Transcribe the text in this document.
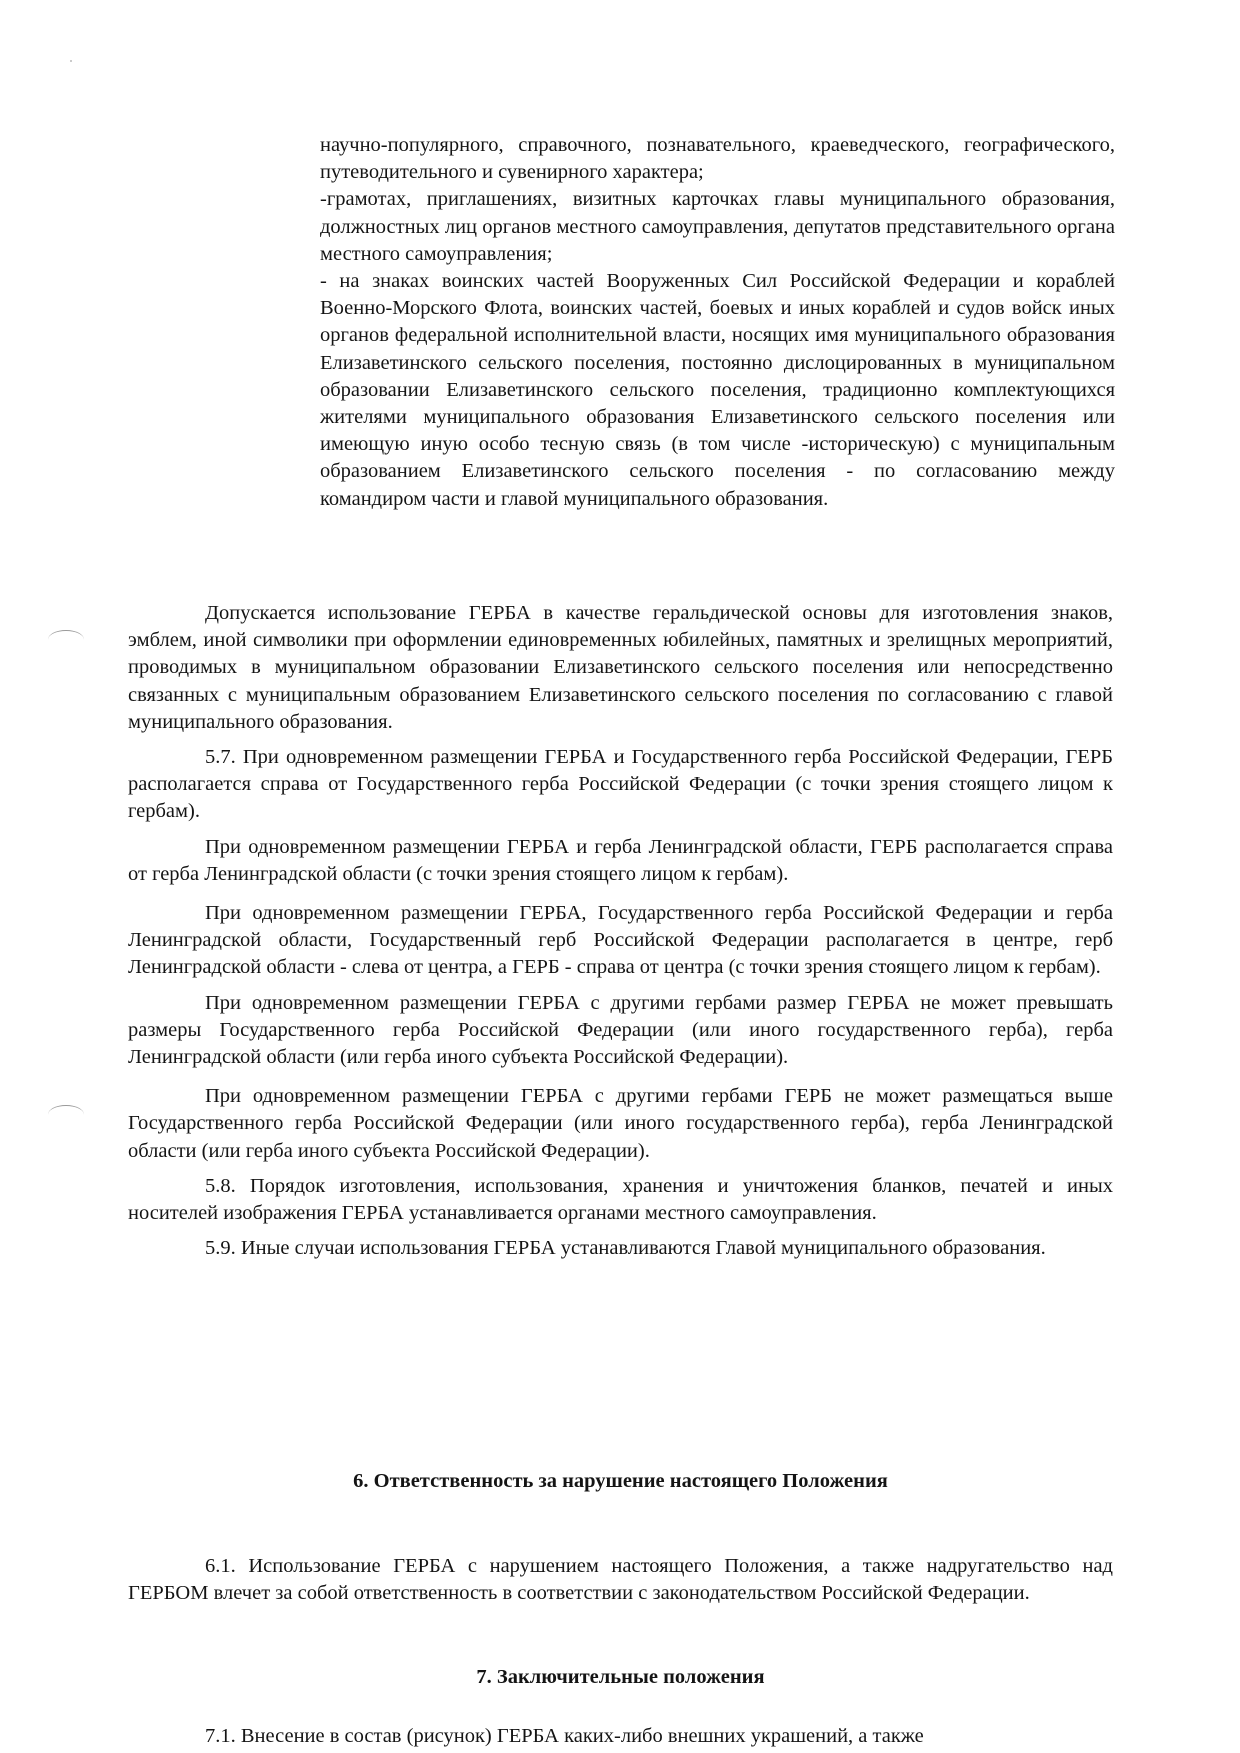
научно-популярного, справочного, познавательного, краеведческого, географического, путеводительного и сувенирного характера;

-грамотах, приглашениях, визитных карточках главы муниципального образования, должностных лиц органов местного самоуправления, депутатов представительного органа местного самоуправления;

- на знаках воинских частей Вооруженных Сил Российской Федерации и кораблей Военно-Морского Флота, воинских частей, боевых и иных кораблей и судов войск иных органов федеральной исполнительной власти, носящих имя муниципального образования Елизаветинского сельского поселения, постоянно дислоцированных в муниципальном образовании Елизаветинского сельского поселения, традиционно комплектующихся жителями муниципального образования Елизаветинского сельского поселения или имеющую иную особо тесную связь (в том числе -историческую) с муниципальным образованием Елизаветинского сельского поселения - по согласованию между командиром части и главой муниципального образования.

Допускается использование ГЕРБА в качестве геральдической основы для изготовления знаков, эмблем, иной символики при оформлении единовременных юбилейных, памятных и зрелищных мероприятий, проводимых в муниципальном образовании Елизаветинского сельского поселения или непосредственно связанных с муниципальным образованием Елизаветинского сельского поселения по согласованию с главой муниципального образования.

5.7. При одновременном размещении ГЕРБА и Государственного герба Российской Федерации, ГЕРБ располагается справа от Государственного герба Российской Федерации (с точки зрения стоящего лицом к гербам).

При одновременном размещении ГЕРБА и герба Ленинградской области, ГЕРБ располагается справа от герба Ленинградской области (с точки зрения стоящего лицом к гербам).

При одновременном размещении ГЕРБА, Государственного герба Российской Федерации и герба Ленинградской области, Государственный герб Российской Федерации располагается в центре, герб Ленинградской области - слева от центра, а ГЕРБ - справа от центра (с точки зрения стоящего лицом к гербам).

При одновременном размещении ГЕРБА с другими гербами размер ГЕРБА не может превышать размеры Государственного герба Российской Федерации (или иного государственного герба), герба Ленинградской области (или герба иного субъекта Российской Федерации).

При одновременном размещении ГЕРБА с другими гербами ГЕРБ не может размещаться выше Государственного герба Российской Федерации (или иного государственного герба), герба Ленинградской области (или герба иного субъекта Российской Федерации).

5.8. Порядок изготовления, использования, хранения и уничтожения бланков, печатей и иных носителей изображения ГЕРБА устанавливается органами местного самоуправления.

5.9. Иные случаи использования ГЕРБА устанавливаются Главой муниципального образования.

6. Ответственность за нарушение настоящего Положения

6.1. Использование ГЕРБА с нарушением настоящего Положения, а также надругательство над ГЕРБОМ влечет за собой ответственность в соответствии с законодательством Российской Федерации.

7. Заключительные положения

7.1. Внесение в состав (рисунок) ГЕРБА каких-либо внешних украшений, а также
